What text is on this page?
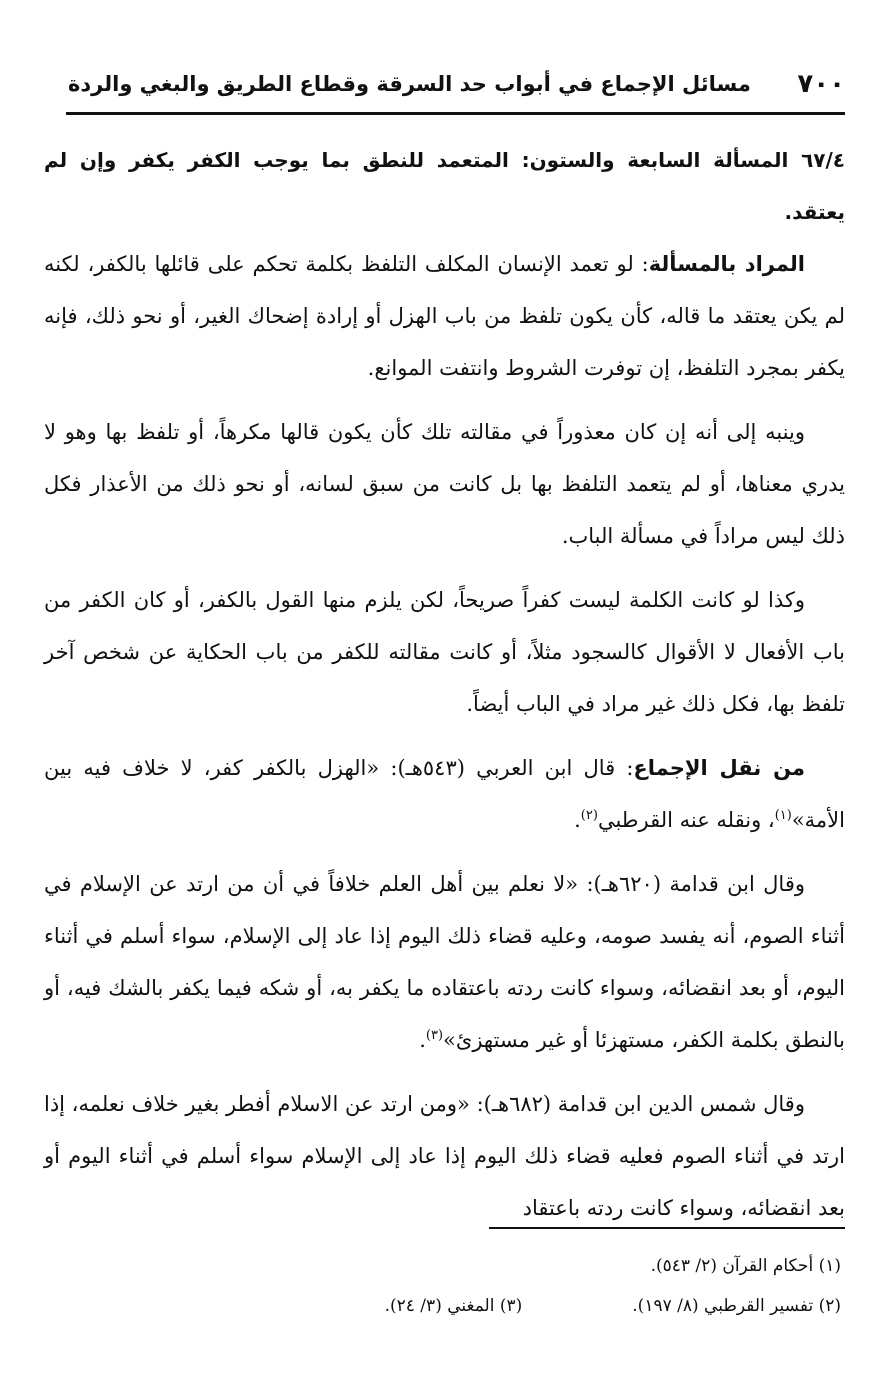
٧٠٠
مسائل الإجماع في أبواب حد السرقة وقطاع الطريق والبغي والردة

٦٧/٤ المسألة السابعة والستون: المتعمد للنطق بما يوجب الكفر يكفر وإن لم يعتقد.

المراد بالمسألة: لو تعمد الإنسان المكلف التلفظ بكلمة تحكم على قائلها بالكفر، لكنه لم يكن يعتقد ما قاله، كأن يكون تلفظ من باب الهزل أو إرادة إضحاك الغير، أو نحو ذلك، فإنه يكفر بمجرد التلفظ، إن توفرت الشروط وانتفت الموانع.

وينبه إلى أنه إن كان معذوراً في مقالته تلك كأن يكون قالها مكرهاً، أو تلفظ بها وهو لا يدري معناها، أو لم يتعمد التلفظ بها بل كانت من سبق لسانه، أو نحو ذلك من الأعذار فكل ذلك ليس مراداً في مسألة الباب.

وكذا لو كانت الكلمة ليست كفراً صريحاً، لكن يلزم منها القول بالكفر، أو كان الكفر من باب الأفعال لا الأقوال كالسجود مثلاً، أو كانت مقالته للكفر من باب الحكاية عن شخص آخر تلفظ بها، فكل ذلك غير مراد في الباب أيضاً.

من نقل الإجماع: قال ابن العربي (٥٤٣هـ): «الهزل بالكفر كفر، لا خلاف فيه بين الأمة»$^{(١)}$، ونقله عنه القرطبي$^{(٢)}$.

وقال ابن قدامة (٦٢٠هـ): «لا نعلم بين أهل العلم خلافاً في أن من ارتد عن الإسلام في أثناء الصوم، أنه يفسد صومه، وعليه قضاء ذلك اليوم إذا عاد إلى الإسلام، سواء أسلم في أثناء اليوم، أو بعد انقضائه، وسواء كانت ردته باعتقاده ما يكفر به، أو شكه فيما يكفر بالشك فيه، أو بالنطق بكلمة الكفر، مستهزئا أو غير مستهزئ»$^{(٣)}$.

وقال شمس الدين ابن قدامة (٦٨٢هـ): «ومن ارتد عن الاسلام أفطر بغير خلاف نعلمه، إذا ارتد في أثناء الصوم فعليه قضاء ذلك اليوم إذا عاد إلى الإسلام سواء أسلم في أثناء اليوم أو بعد انقضائه، وسواء كانت ردته باعتقاد

(١) أحكام القرآن (٢/ ٥٤٣).
(٢) تفسير القرطبي (٨/ ١٩٧).
(٣) المغني (٣/ ٢٤).
